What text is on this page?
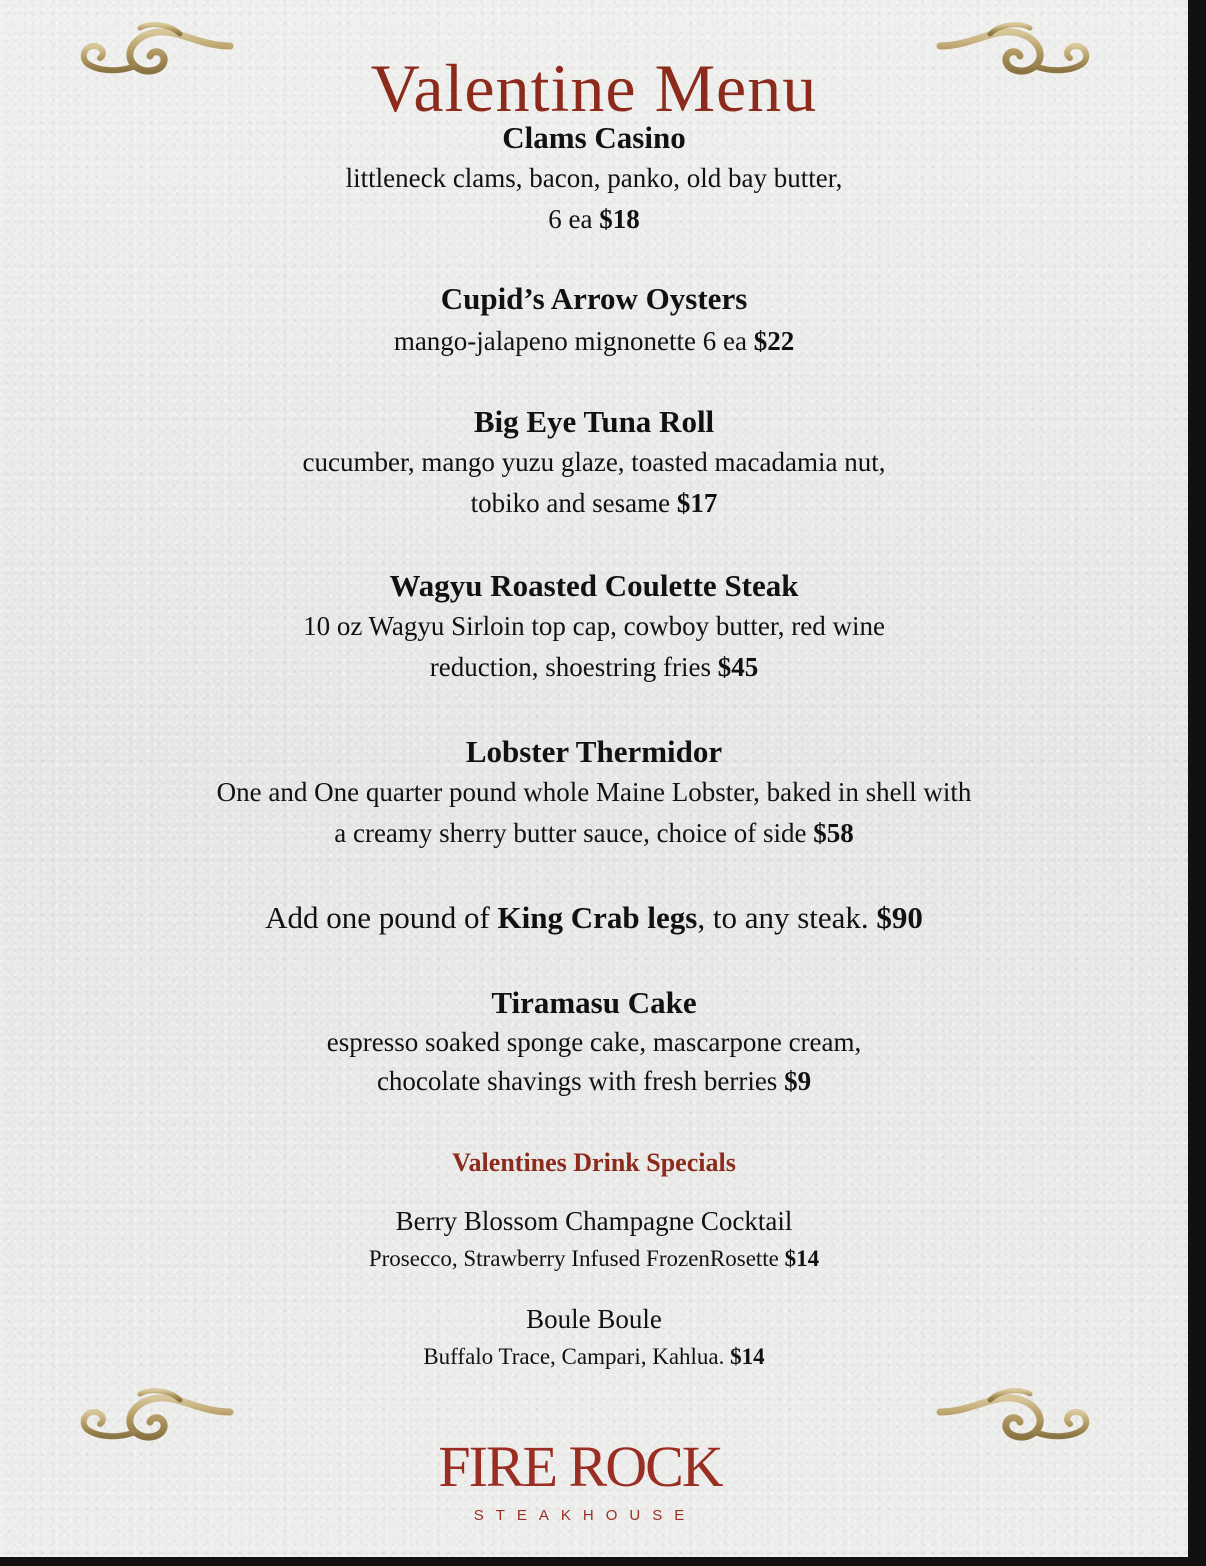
Valentine Menu
Clams Casino
littleneck clams, bacon, panko, old bay butter,
6 ea $18
Cupid’s Arrow Oysters
mango-jalapeno mignonette 6 ea $22
Big Eye Tuna Roll
cucumber, mango yuzu glaze, toasted macadamia nut,
tobiko and sesame $17
Wagyu Roasted Coulette Steak
10 oz Wagyu Sirloin top cap, cowboy butter, red wine
reduction, shoestring fries $45
Lobster Thermidor
One and One quarter pound whole Maine Lobster, baked in shell with
a creamy sherry butter sauce, choice of side $58
Add one pound of King Crab legs, to any steak. $90
Tiramasu Cake
espresso soaked sponge cake, mascarpone cream,
chocolate shavings with fresh berries $9
Valentines Drink Specials
Berry Blossom Champagne Cocktail
Prosecco, Strawberry Infused FrozenRosette $14
Boule Boule
Buffalo Trace, Campari, Kahlua. $14
FIRE ROCK
STEAKHOUSE
